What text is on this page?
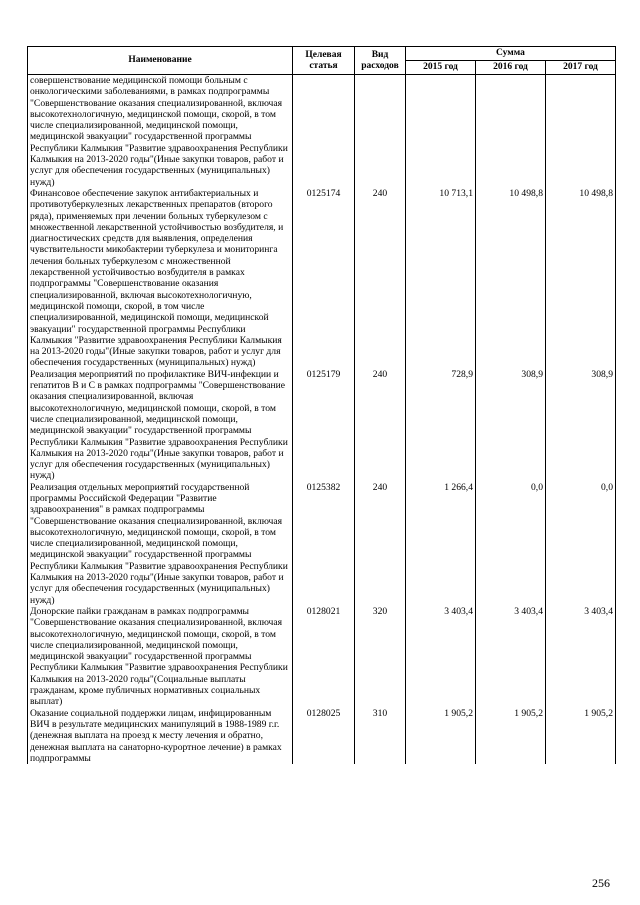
Наименование	Целевая статья	Вид расходов	Сумма		
			2015 год	2016 год	2017 год
совершенствование медицинской помощи больным с онкологическими заболеваниями, в рамках подпрограммы "Совершенствование оказания специализированной, включая высокотехнологичную, медицинской помощи, скорой, в том числе специализированной, медицинской помощи, медицинской эвакуации" государственной программы Республики Калмыкия "Развитие здравоохранения Республики Калмыкия на 2013-2020 годы"(Иные закупки товаров, работ и услуг для обеспечения государственных (муниципальных) нужд)					
Финансовое обеспечение закупок антибактериальных и противотуберкулезных лекарственных препаратов (второго ряда), применяемых при лечении больных туберкулезом с множественной лекарственной устойчивостью возбудителя, и диагностических средств для выявления, определения чувствительности микобактерии туберкулеза и мониторинга лечения больных туберкулезом с множественной лекарственной устойчивостью возбудителя в рамках подпрограммы "Совершенствование оказания специализированной, включая высокотехнологичную, медицинской помощи, скорой, в том числе специализированной, медицинской помощи, медицинской эвакуации" государственной программы Республики Калмыкия "Развитие здравоохранения Республики Калмыкия на 2013-2020 годы"(Иные закупки товаров, работ и услуг для обеспечения государственных (муниципальных) нужд)	0125174	240	10 713,1	10 498,8	10 498,8
Реализация мероприятий по профилактике ВИЧ-инфекции и гепатитов B и C в рамках подпрограммы "Совершенствование оказания специализированной, включая высокотехнологичную, медицинской помощи, скорой, в том числе специализированной, медицинской помощи, медицинской эвакуации" государственной программы Республики Калмыкия "Развитие здравоохранения Республики Калмыкия на 2013-2020 годы"(Иные закупки товаров, работ и услуг для обеспечения государственных (муниципальных) нужд)	0125179	240	728,9	308,9	308,9
Реализация отдельных мероприятий государственной программы Российской Федерации "Развитие здравоохранения" в рамках подпрограммы "Совершенствование оказания специализированной, включая высокотехнологичную, медицинской помощи, скорой, в том числе специализированной, медицинской помощи, медицинской эвакуации" государственной программы Республики Калмыкия "Развитие здравоохранения Республики Калмыкия на 2013-2020 годы"(Иные закупки товаров, работ и услуг для обеспечения государственных (муниципальных) нужд)	0125382	240	1 266,4	0,0	0,0
Донорские пайки гражданам в рамках подпрограммы "Совершенствование оказания специализированной, включая высокотехнологичную, медицинской помощи, скорой, в том числе специализированной, медицинской помощи, медицинской эвакуации" государственной программы Республики Калмыкия "Развитие здравоохранения Республики Калмыкия на 2013-2020 годы"(Социальные выплаты гражданам, кроме публичных нормативных социальных выплат)	0128021	320	3 403,4	3 403,4	3 403,4
Оказание социальной поддержки лицам, инфицированным ВИЧ в результате медицинских манипуляций в 1988-1989 г.г. (денежная выплата на проезд к месту лечения и обратно, денежная выплата на санаторно-курортное лечение) в рамках подпрограммы	0128025	310	1 905,2	1 905,2	1 905,2
256
